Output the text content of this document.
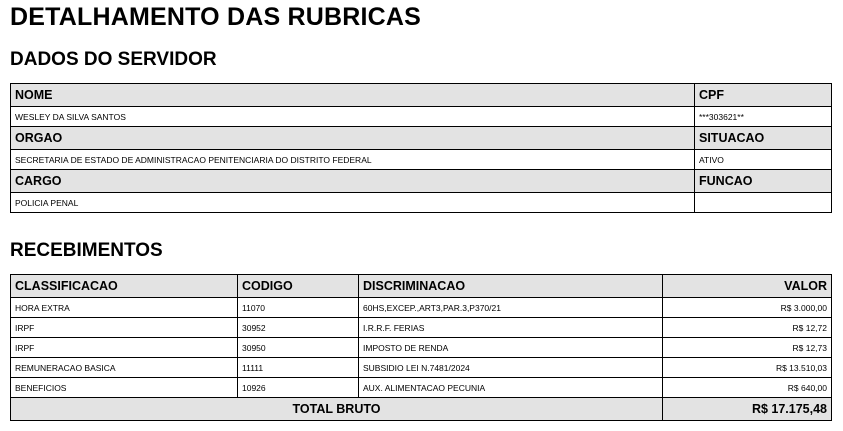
DETALHAMENTO DAS RUBRICAS
DADOS DO SERVIDOR
NOME	CPF
WESLEY DA SILVA SANTOS	***303621**
ORGAO	SITUACAO
SECRETARIA DE ESTADO DE ADMINISTRACAO PENITENCIARIA DO DISTRITO FEDERAL	ATIVO
CARGO	FUNCAO
POLICIA PENAL	
RECEBIMENTOS
CLASSIFICACAO	CODIGO	DISCRIMINACAO	VALOR
HORA EXTRA	11070	60HS,EXCEP.,ART3,PAR.3,P370/21	R$ 3.000,00
IRPF	30952	I.R.R.F. FERIAS	R$ 12,72
IRPF	30950	IMPOSTO DE RENDA	R$ 12,73
REMUNERACAO BASICA	11111	SUBSIDIO LEI N.7481/2024	R$ 13.510,03
BENEFICIOS	10926	AUX. ALIMENTACAO PECUNIA	R$ 640,00
TOTAL BRUTO			R$ 17.175,48
